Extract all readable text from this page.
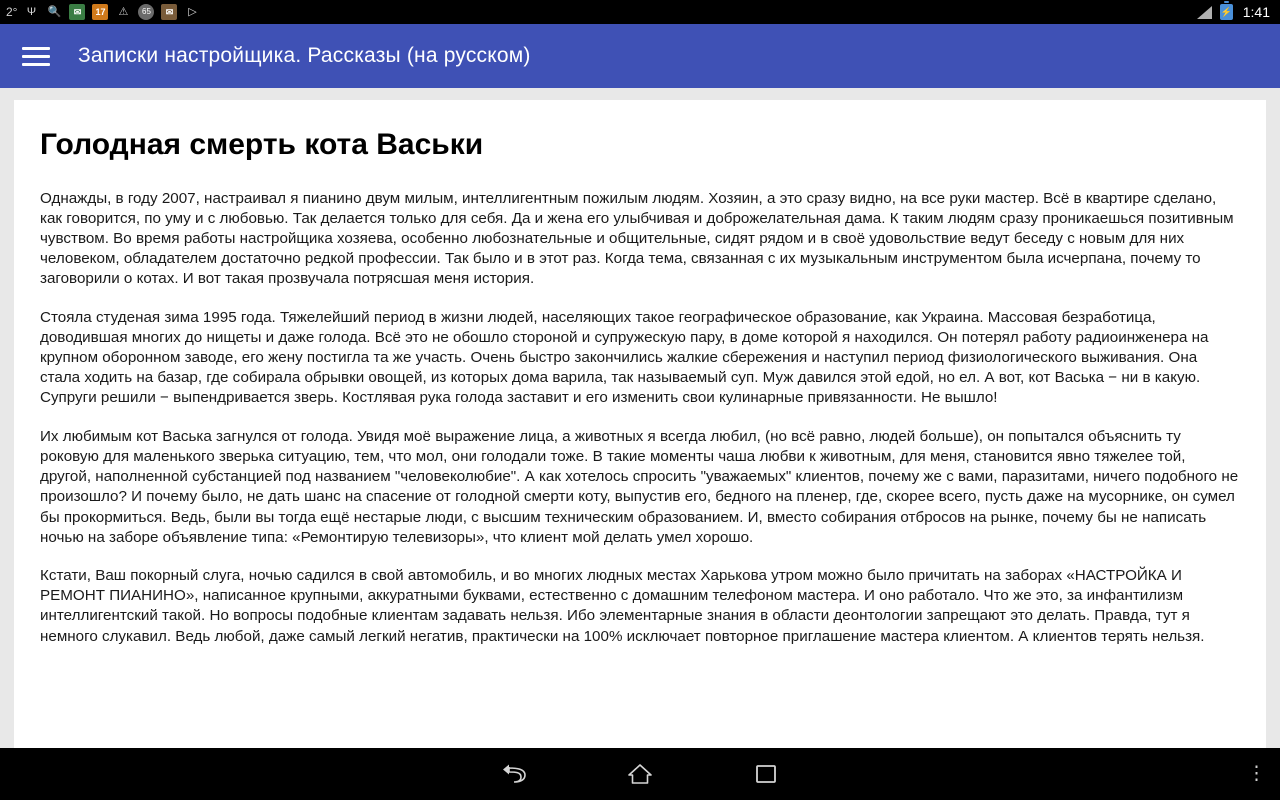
2° Ψ	🔍	✉	17 ⚠	65	✉	▷	⚡ 1:41
Записки настройщика. Рассказы (на русском)
Голодная смерть кота Васьки

Однажды, в году 2007, настраивал я пианино двум милым, интеллигентным пожилым людям. Хозяин, а это сразу видно, на все руки мастер. Всё в квартире сделано, как говорится, по уму и с любовью. Так делается только для себя. Да и жена его улыбчивая и доброжелательная дама. К таким людям сразу проникаешься позитивным чувством. Во время работы настройщика хозяева, особенно любознательные и общительные, сидят рядом и в своё удовольствие ведут беседу с новым для них человеком, обладателем достаточно редкой профессии. Так было и в этот раз. Когда тема, связанная с их музыкальным инструментом была исчерпана, почему то заговорили о котах. И вот такая прозвучала потрясшая меня история.

Стояла студеная зима 1995 года. Тяжелейший период в жизни людей, населяющих такое географическое образование, как Украина. Массовая безработица, доводившая многих до нищеты и даже голода. Всё это не обошло стороной и супружескую пару, в доме которой я находился. Он потерял работу радиоинженера на крупном оборонном заводе, его жену постигла та же участь. Очень быстро закончились жалкие сбережения и наступил период физиологического выживания. Она стала ходить на базар, где собирала обрывки овощей, из которых дома варила, так называемый суп. Муж давился этой едой, но ел. А вот, кот Васька − ни в какую. Супруги решили − выпендривается зверь. Костлявая рука голода заставит и его изменить свои кулинарные привязанности. Не вышло!

Их любимым кот Васька загнулся от голода. Увидя моё выражение лица, а животных я всегда любил, (но всё равно, людей больше), он попытался объяснить ту роковую для маленького зверька ситуацию, тем, что мол, они голодали тоже. В такие моменты чаша любви к животным, для меня, становится явно тяжелее той, другой, наполненной субстанцией под названием "человеколюбие". А как хотелось спросить "уважаемых" клиентов, почему же с вами, паразитами, ничего подобного не произошло? И почему было, не дать шанс на спасение от голодной смерти коту, выпустив его, бедного на пленер, где, скорее всего, пусть даже на мусорнике, он сумел бы прокормиться. Ведь, были вы тогда ещё нестарые люди, с высшим техническим образованием. И, вместо собирания отбросов на рынке, почему бы не написать ночью на заборе объявление типа: «Ремонтирую телевизоры», что клиент мой делать умел хорошо.

Кстати, Ваш покорный слуга, ночью садился в свой автомобиль, и во многих людных местах Харькова утром можно было причитать на заборах «НАСТРОЙКА И РЕМОНТ ПИАНИНО», написанное крупными, аккуратными буквами, естественно с домашним телефоном мастера. И оно работало. Что же это, за инфантилизм интеллигентский такой. Но вопросы подобные клиентам задавать нельзя. Ибо элементарные знания в области деонтологии запрещают это делать. Правда, тут я немного слукавил. Ведь любой, даже самый легкий негатив, практически на 100% исключает повторное приглашение мастера клиентом. А клиентов терять нельзя.

⋮
